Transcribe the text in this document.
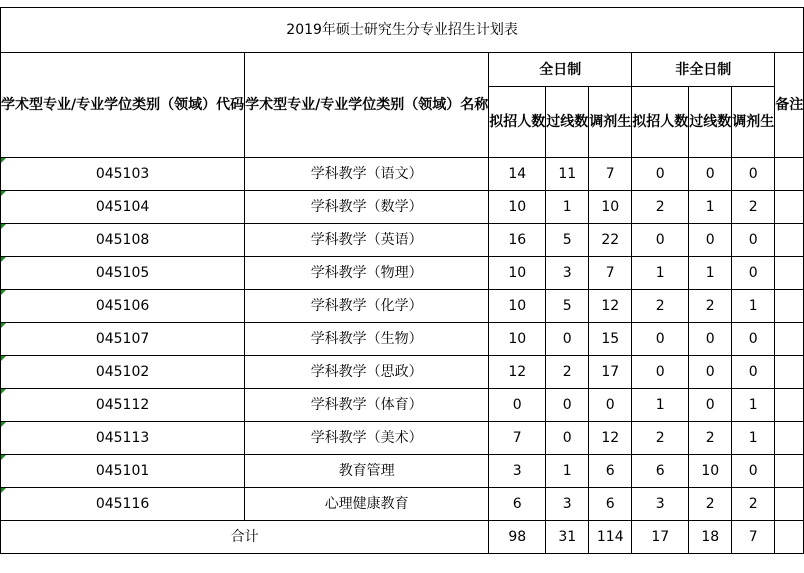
2019年硕士研究生分专业招生计划表								
学术型专业/专业学位类别（领域）代码	学术型专业/专业学位类别（领域）名称	全日制			非全日制			备注
		拟招人数	过线数	调剂生	拟招人数	过线数	调剂生	
045103	学科教学（语文）	14	11	7	0	0	0	
045104	学科教学（数学）	10	1	10	2	1	2	
045108	学科教学（英语）	16	5	22	0	0	0	
045105	学科教学（物理）	10	3	7	1	1	0	
045106	学科教学（化学）	10	5	12	2	2	1	
045107	学科教学（生物）	10	0	15	0	0	0	
045102	学科教学（思政）	12	2	17	0	0	0	
045112	学科教学（体育）	0	0	0	1	0	1	
045113	学科教学（美术）	7	0	12	2	2	1	
045101	教育管理	3	1	6	6	10	0	
045116	心理健康教育	6	3	6	3	2	2	
合计		98	31	114	17	18	7	
